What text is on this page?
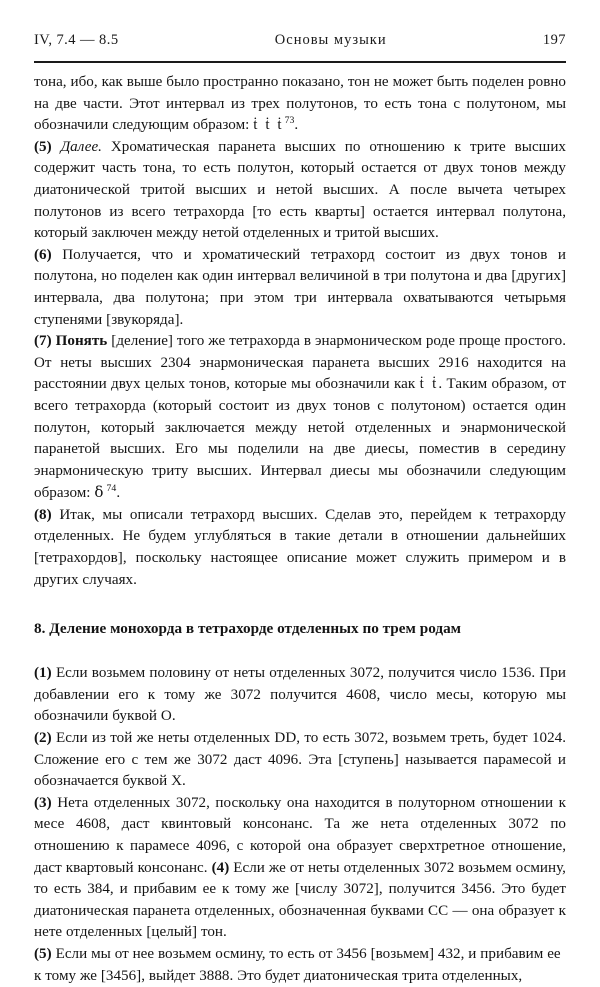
IV, 7.4 — 8.5	Основы музыки	197

тона, ибо, как выше было пространно показано, тон не может быть поделен ровно на две части. Этот интервал из трех полутонов, то есть тона с полутоном, мы обозначили следующим образом: ṫ ṫ ṫ$^{73}$.

(5) Далее. Хроматическая паранета высших по отношению к трите высших содержит часть тона, то есть полутон, который остается от двух тонов между диатонической тритой высших и нетой высших. А после вычета четырех полутонов из всего тетрахорда [то есть кварты] остается интервал полутона, который заключен между нетой отделенных и тритой высших.

(6) Получается, что и хроматический тетрахорд состоит из двух тонов и полутона, но поделен как один интервал величиной в три полутона и два [других] интервала, два полутона; при этом три интервала охватываются четырьмя ступенями [звукоряда].

(7) Понять [деление] того же тетрахорда в энармоническом роде проще простого. От неты высших 2304 энармоническая паранета высших 2916 находится на расстоянии двух целых тонов, которые мы обозначили как ṫ ṫ. Таким образом, от всего тетрахорда (который состоит из двух тонов с полутоном) остается один полутон, который заключается между нетой отделенных и энармонической паранетой высших. Его мы поделили на две диесы, поместив в середину энармоническую триту высших. Интервал диесы мы обозначили следующим образом: δ$^{74}$.

(8) Итак, мы описали тетрахорд высших. Сделав это, перейдем к тетрахорду отделенных. Не будем углубляться в такие детали в отношении дальнейших [тетрахордов], поскольку настоящее описание может служить примером и в других случаях.

8. Деление монохорда в тетрахорде отделенных по трем родам

(1) Если возьмем половину от неты отделенных 3072, получится число 1536. При добавлении его к тому же 3072 получится 4608, число месы, которую мы обозначили буквой О.

(2) Если из той же неты отделенных DD, то есть 3072, возьмем треть, будет 1024. Сложение его с тем же 3072 даст 4096. Эта [ступень] называется парамесой и обозначается буквой Х.

(3) Нета отделенных 3072, поскольку она находится в полуторном отношении к месе 4608, даст квинтовый консонанс. Та же нета отделенных 3072 по отношению к парамесе 4096, с которой она образует сверхтретное отношение, даст квартовый консонанс. (4) Если же от неты отделенных 3072 возьмем осмину, то есть 384, и прибавим ее к тому же [числу 3072], получится 3456. Это будет диатоническая паранета отделенных, обозначенная буквами СС — она образует к нете отделенных [целый] тон.

(5) Если мы от нее возьмем осмину, то есть от 3456 [возьмем] 432, и прибавим ее к тому же [3456], выйдет 3888. Это будет диатоническая трита отделенных,
